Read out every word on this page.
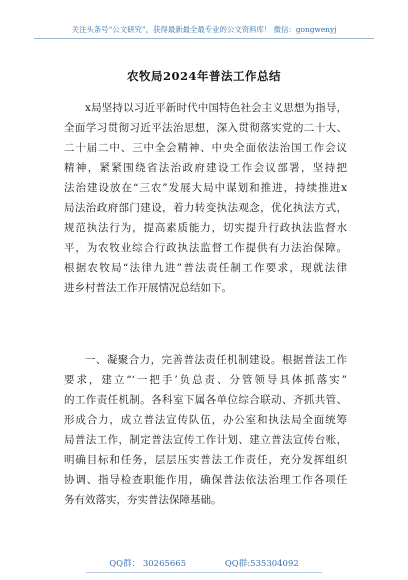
关注头条号“公文研究”，获得最新最全最专业的公文资料库！ 微信：gongwenyj
农牧局2024年普法工作总结
x局坚持以习近平新时代中国特色社会主义思想为指导，
全面学习贯彻习近平法治思想，深入贯彻落实党的二十大、
二十届二中、三中全会精神、中央全面依法治国工作会议
精神，紧紧围绕省法治政府建设工作会议部署，坚持把
法治建设放在“三农”发展大局中谋划和推进，持续推进x
局法治政府部门建设，着力转变执法观念，优化执法方式，
规范执法行为，提高素质能力，切实提升行政执法监督水
平，为农牧业综合行政执法监督工作提供有力法治保障。
根据农牧局“法律九进”普法责任制工作要求，现就法律
进乡村普法工作开展情况总结如下。
一、凝聚合力，完善普法责任机制建设。根据普法工作
要求，建立“‘一把手’负总责、分管领导具体抓落实”
的工作责任机制。各科室下属各单位综合联动、齐抓共管、
形成合力，成立普法宣传队伍，办公室和执法局全面统筹
局普法工作，制定普法宣传工作计划、建立普法宣传台账，
明确目标和任务，层层压实普法工作责任，充分发挥组织
协调、指导检查职能作用，确保普法依法治理工作各项任
务有效落实，夯实普法保障基础。
QQ群： 30265665	QQ群:535304092
